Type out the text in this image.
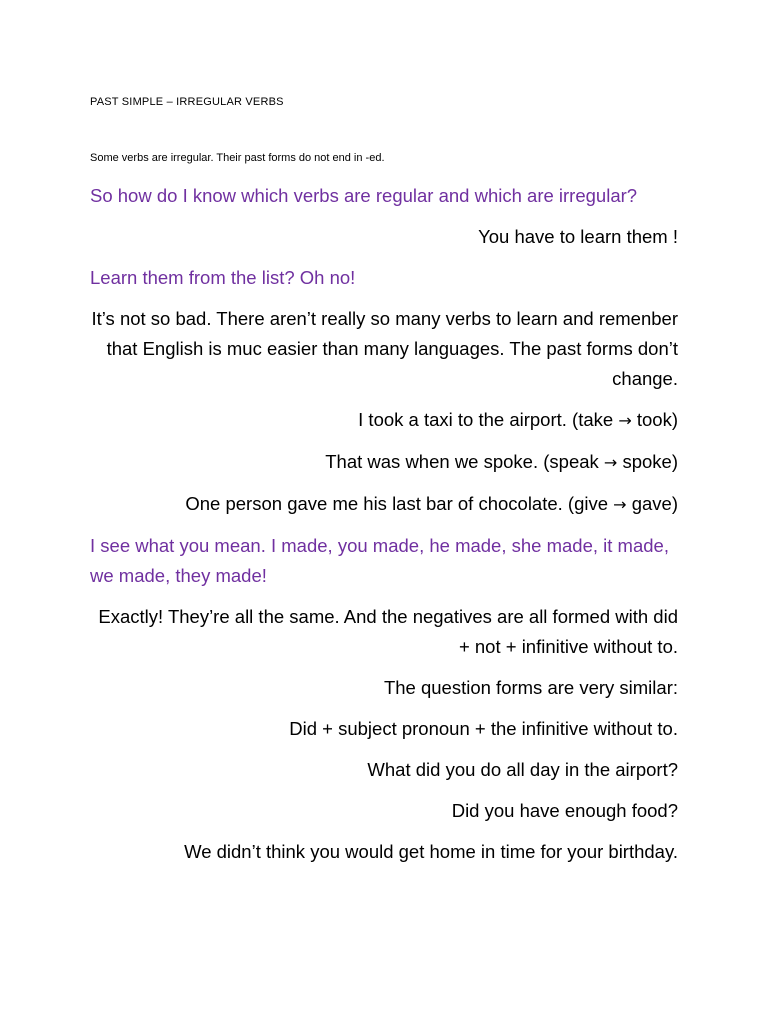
PAST SIMPLE – IRREGULAR VERBS
Some verbs are irregular. Their past forms do not end in -ed.

So how do I know which verbs are regular and which are irregular?

You have to learn them !

Learn them from the list? Oh no!

It’s not so bad. There aren’t really so many verbs to learn and remenber that English is muc easier than many languages. The past forms don’t change.

I took a taxi to the airport. (take → took)

That was when we spoke. (speak → spoke)

One person gave me his last bar of chocolate. (give → gave)

I see what you mean. I made, you made, he made, she made, it made, we made, they made!

Exactly! They’re all the same. And the negatives are all formed with did + not + infinitive without to.

The question forms are very similar:

Did + subject pronoun + the infinitive without to.

What did you do all day in the airport?

Did you have enough food?

We didn’t think you would get home in time for your birthday.
